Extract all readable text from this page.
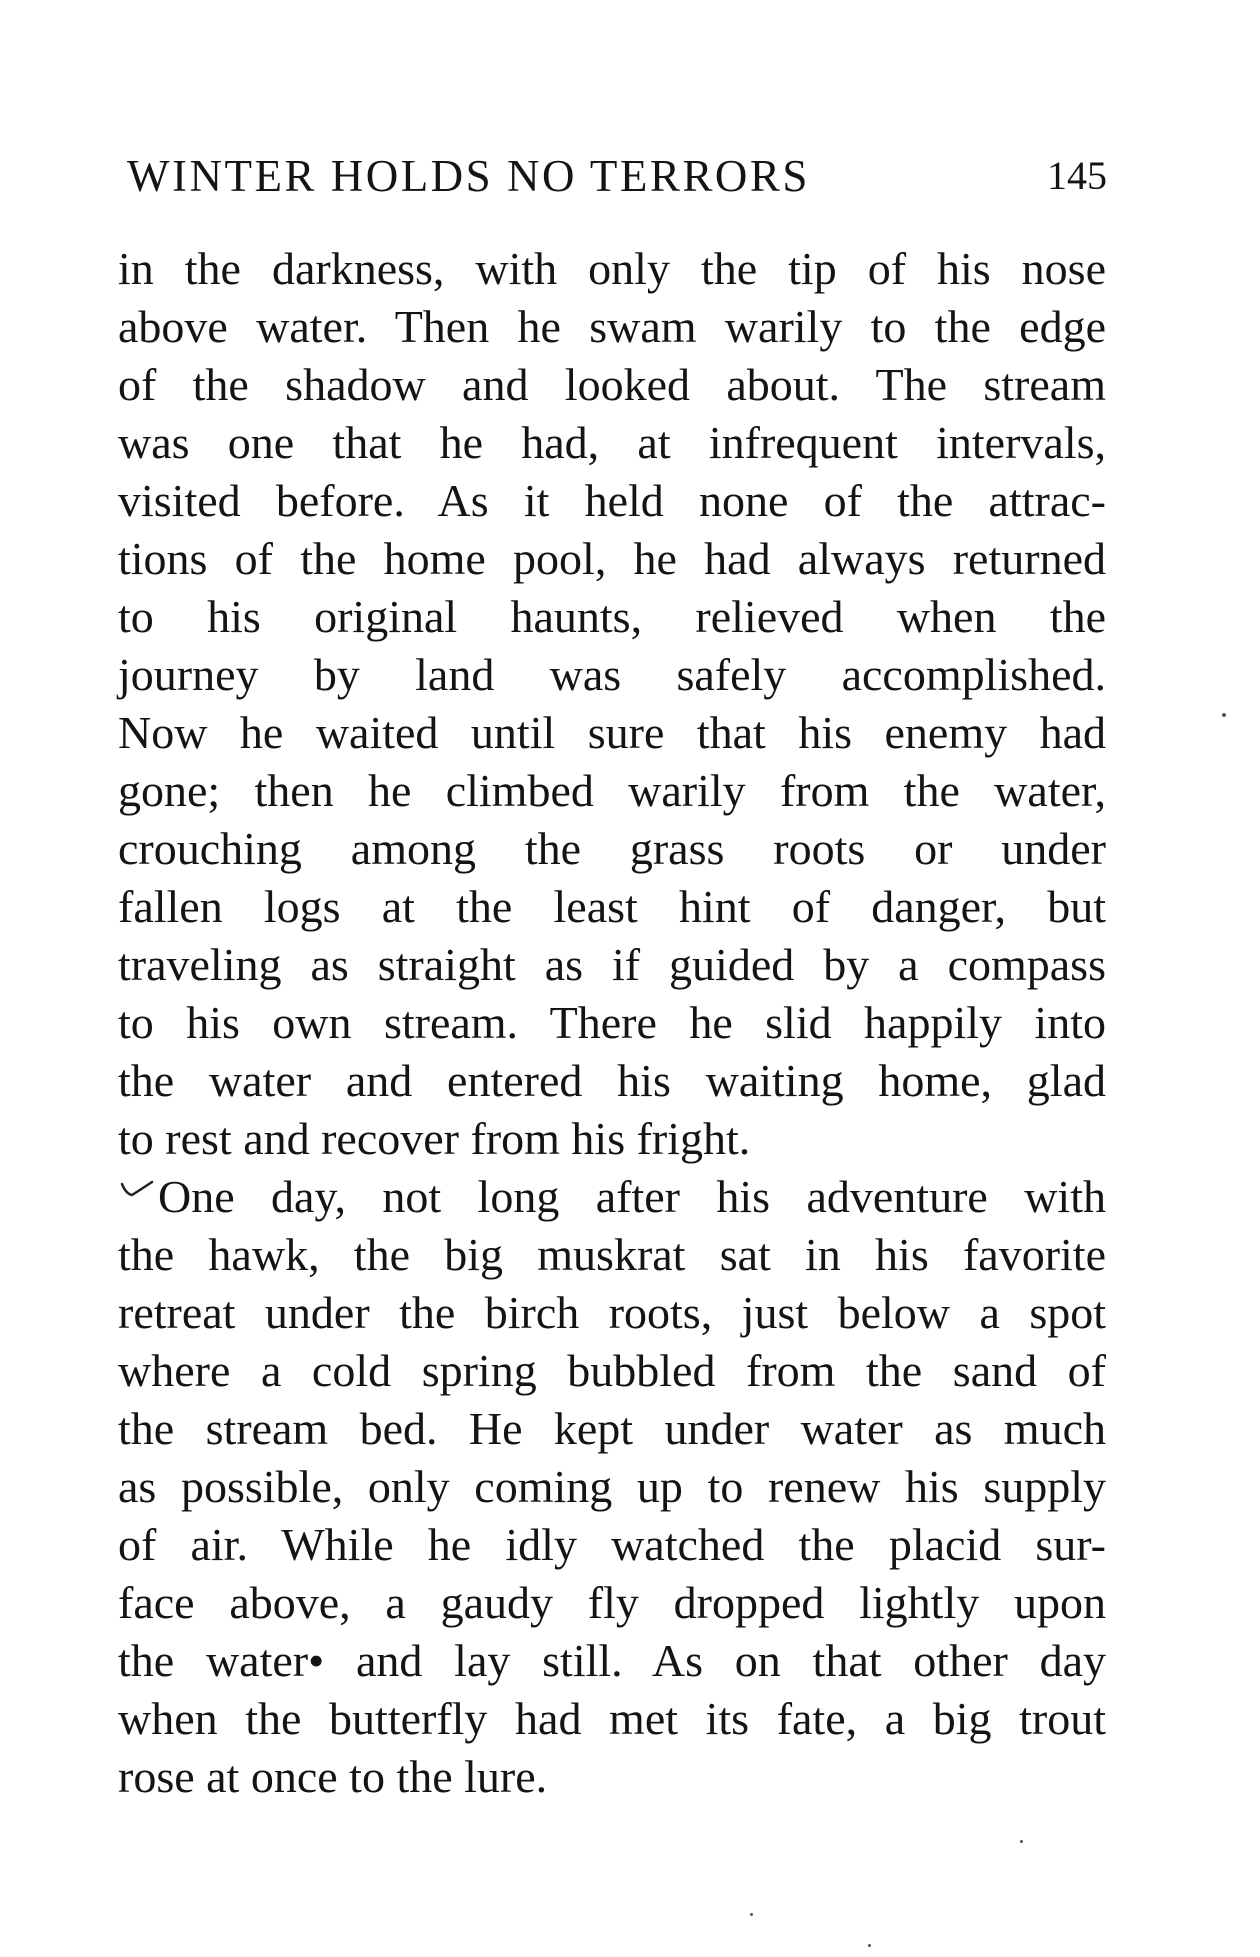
WINTER HOLDS NO TERRORS	145
in the darkness, with only the tip of his nose
above water. Then he swam warily to the edge
of the shadow and looked about. The stream
was one that he had, at infrequent intervals,
visited before. As it held none of the attrac-
tions of the home pool, he had always returned
to his original haunts, relieved when the
journey by land was safely accomplished.
Now he waited until sure that his enemy had
gone; then he climbed warily from the water,
crouching among the grass roots or under
fallen logs at the least hint of danger, but
traveling as straight as if guided by a compass
to his own stream. There he slid happily into
the water and entered his waiting home, glad
to rest and recover from his fright.
One day, not long after his adventure with
the hawk, the big muskrat sat in his favorite
retreat under the birch roots, just below a spot
where a cold spring bubbled from the sand of
the stream bed. He kept under water as much
as possible, only coming up to renew his supply
of air. While he idly watched the placid sur-
face above, a gaudy fly dropped lightly upon
the water• and lay still. As on that other day
when the butterfly had met its fate, a big trout
rose at once to the lure.
